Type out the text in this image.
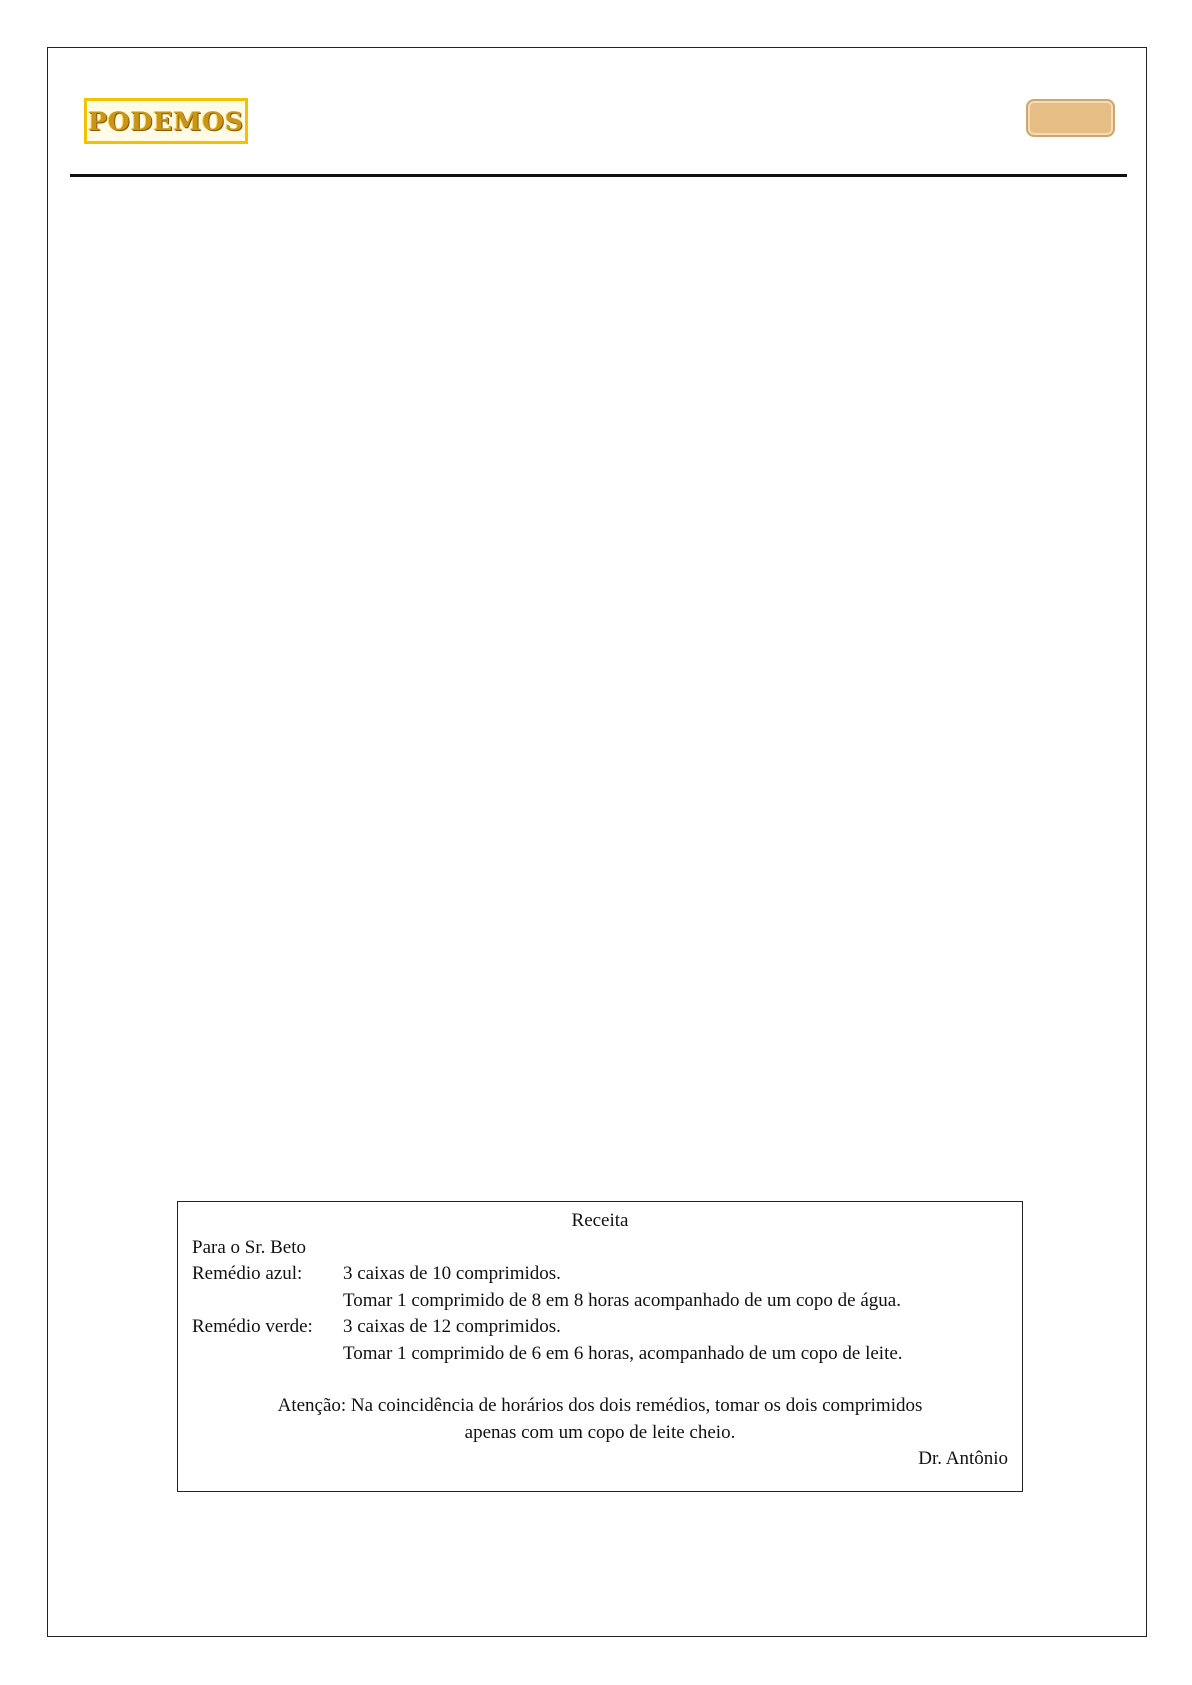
PODEMOS
Receita
Para o Sr. Beto
Remédio azul:	3 caixas de 10 comprimidos.
Tomar 1 comprimido de 8 em 8 horas acompanhado de um copo de água.
Remédio verde:	3 caixas de 12 comprimidos.
Tomar 1 comprimido de 6 em 6 horas, acompanhado de um copo de leite.
Atenção: Na coincidência de horários dos dois remédios, tomar os dois comprimidos
apenas com um copo de leite cheio.
Dr. Antônio
